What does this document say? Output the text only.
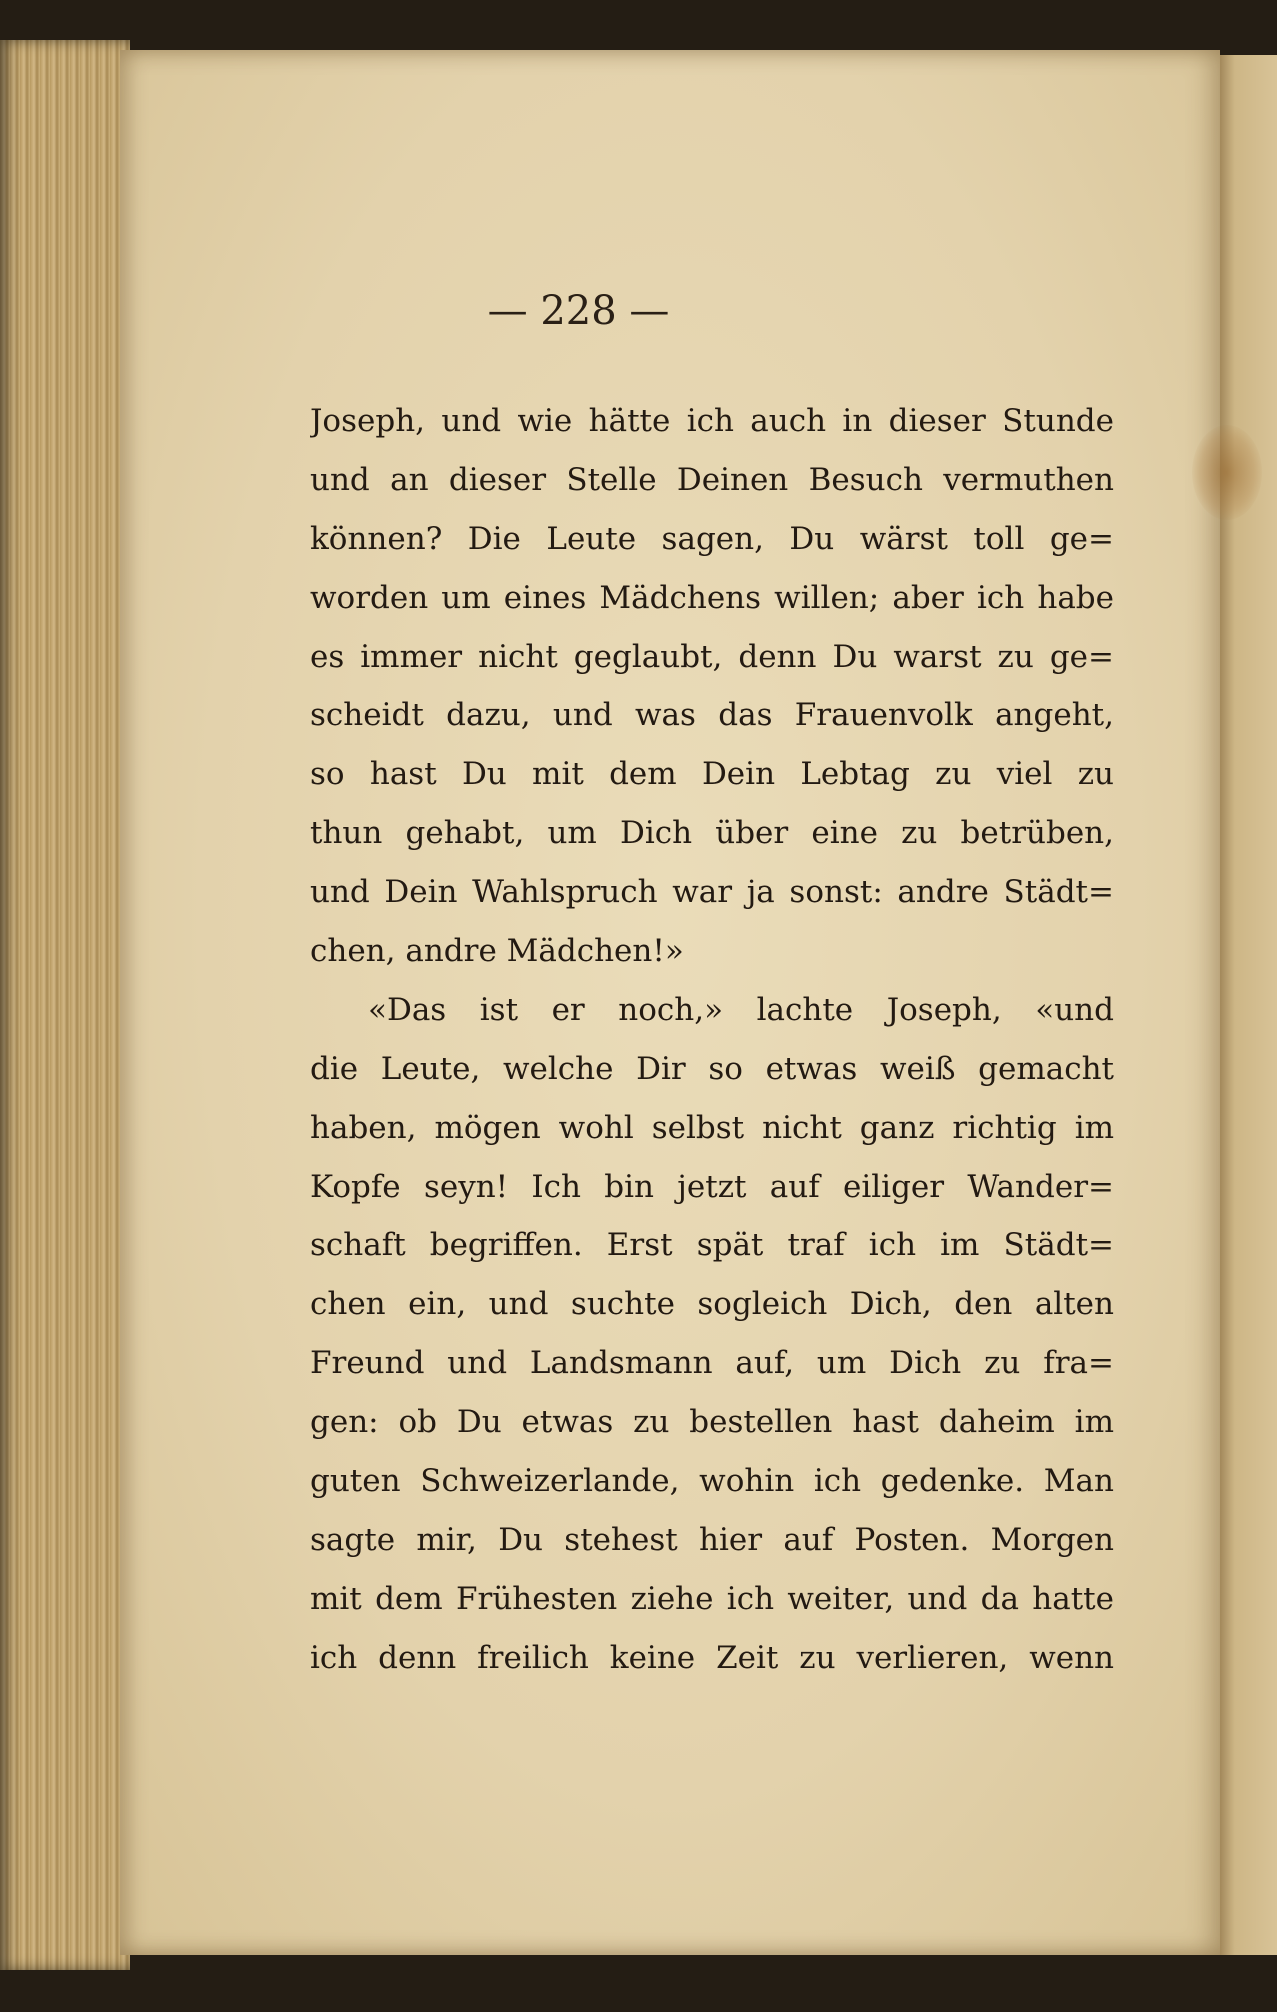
— 228 —
Joseph, und wie hätte ich auch in dieser Stunde
und an dieser Stelle Deinen Besuch vermuthen
können? Die Leute sagen, Du wärst toll ge=
worden um eines Mädchens willen; aber ich habe
es immer nicht geglaubt, denn Du warst zu ge=
scheidt dazu, und was das Frauenvolk angeht,
so hast Du mit dem Dein Lebtag zu viel zu
thun gehabt, um Dich über eine zu betrüben,
und Dein Wahlspruch war ja sonst: andre Städt=
chen, andre Mädchen!»
«Das ist er noch,» lachte Joseph, «und
die Leute, welche Dir so etwas weiß gemacht
haben, mögen wohl selbst nicht ganz richtig im
Kopfe seyn! Ich bin jetzt auf eiliger Wander=
schaft begriffen. Erst spät traf ich im Städt=
chen ein, und suchte sogleich Dich, den alten
Freund und Landsmann auf, um Dich zu fra=
gen: ob Du etwas zu bestellen hast daheim im
guten Schweizerlande, wohin ich gedenke. Man
sagte mir, Du stehest hier auf Posten. Morgen
mit dem Frühesten ziehe ich weiter, und da hatte
ich denn freilich keine Zeit zu verlieren, wenn
